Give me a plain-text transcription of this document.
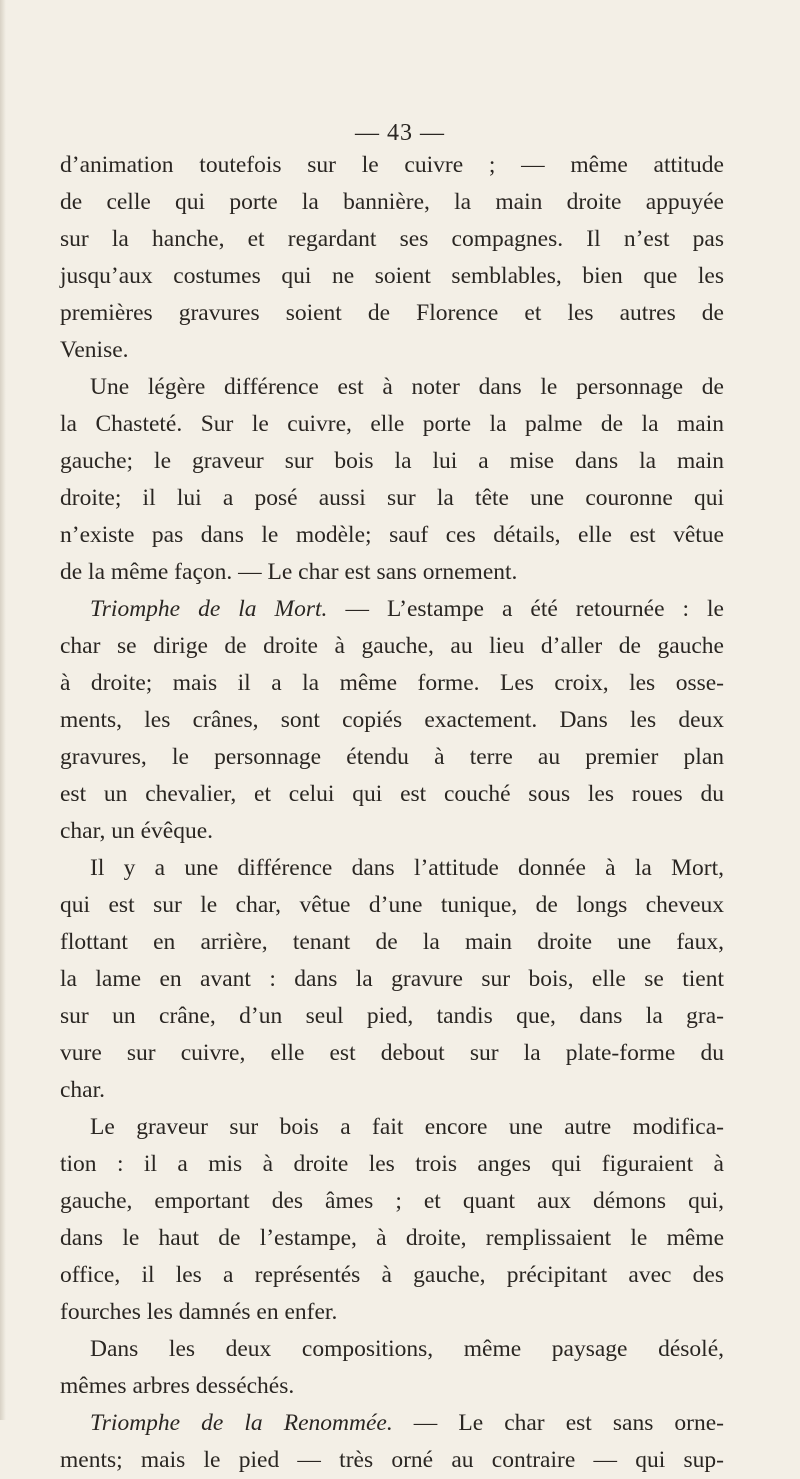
— 43 —
d’animation toutefois sur le cuivre ; — même attitude
de celle qui porte la bannière, la main droite appuyée
sur la hanche, et regardant ses compagnes. Il n’est pas
jusqu’aux costumes qui ne soient semblables, bien que les
premières gravures soient de Florence et les autres de
Venise.
Une légère différence est à noter dans le personnage de
la Chasteté. Sur le cuivre, elle porte la palme de la main
gauche; le graveur sur bois la lui a mise dans la main
droite; il lui a posé aussi sur la tête une couronne qui
n’existe pas dans le modèle; sauf ces détails, elle est vêtue
de la même façon. — Le char est sans ornement.
Triomphe de la Mort. — L’estampe a été retournée : le
char se dirige de droite à gauche, au lieu d’aller de gauche
à droite; mais il a la même forme. Les croix, les osse-
ments, les crânes, sont copiés exactement. Dans les deux
gravures, le personnage étendu à terre au premier plan
est un chevalier, et celui qui est couché sous les roues du
char, un évêque.
Il y a une différence dans l’attitude donnée à la Mort,
qui est sur le char, vêtue d’une tunique, de longs cheveux
flottant en arrière, tenant de la main droite une faux,
la lame en avant : dans la gravure sur bois, elle se tient
sur un crâne, d’un seul pied, tandis que, dans la gra-
vure sur cuivre, elle est debout sur la plate-forme du
char.
Le graveur sur bois a fait encore une autre modifica-
tion : il a mis à droite les trois anges qui figuraient à
gauche, emportant des âmes ; et quant aux démons qui,
dans le haut de l’estampe, à droite, remplissaient le même
office, il les a représentés à gauche, précipitant avec des
fourches les damnés en enfer.
Dans les deux compositions, même paysage désolé,
mêmes arbres desséchés.
Triomphe de la Renommée. — Le char est sans orne-
ments; mais le pied — très orné au contraire — qui sup-
